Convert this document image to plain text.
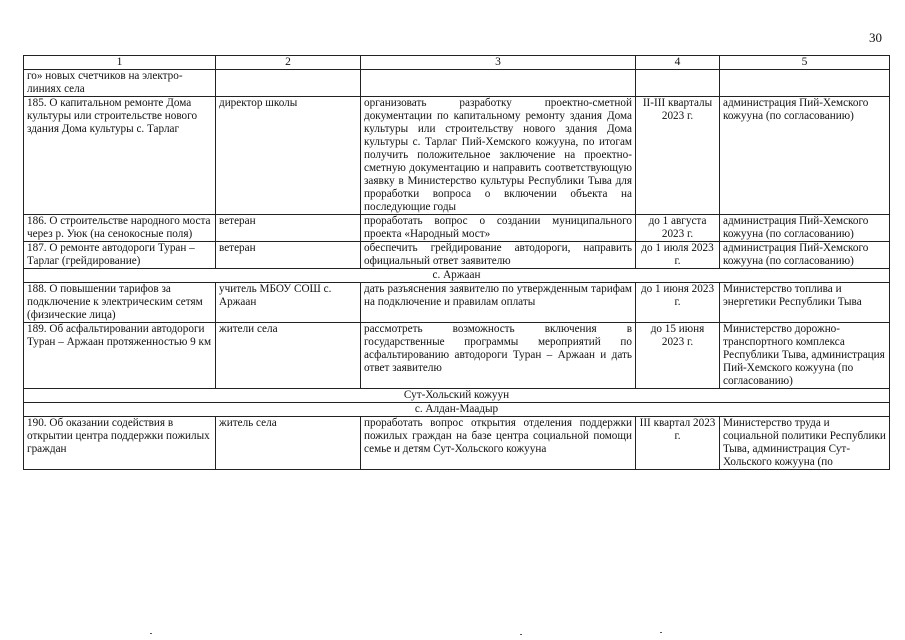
30
1	2	3	4	5
го» новых счетчиков на электро-линиях села				
185. О капитальном ремонте Дома культуры или строительстве нового здания Дома культуры с. Тарлаг	директор школы	организовать разработку проектно-сметной документации по капитальному ремонту здания Дома культуры или строительству нового здания Дома культуры с. Тарлаг Пий-Хемского кожууна, по итогам получить положительное заключение на проектно-сметную документацию и направить соответствующую заявку в Министерство культуры Республики Тыва для проработки вопроса о включении объекта на последующие годы	II-III кварталы 2023 г.	администрация Пий-Хемского кожууна (по согласованию)
186. О строительстве народного моста через р. Уюк (на сенокосные поля)	ветеран	проработать вопрос о создании муниципального проекта «Народный мост»	до 1 августа 2023 г.	администрация Пий-Хемского кожууна (по согласованию)
187. О ремонте автодороги Туран – Тарлаг (грейдирование)	ветеран	обеспечить грейдирование автодороги, направить официальный ответ заявителю	до 1 июля 2023 г.	администрация Пий-Хемского кожууна (по согласованию)
с. Аржаан				
188. О повышении тарифов за подключение к электрическим сетям (физические лица)	учитель МБОУ СОШ с. Аржаан	дать разъяснения заявителю по утвержденным тарифам на подключение и правилам оплаты	до 1 июня 2023 г.	Министерство топлива и энергетики Республики Тыва
189. Об асфальтировании автодороги Туран – Аржаан протяженностью 9 км	жители села	рассмотреть возможность включения в государственные программы мероприятий по асфальтированию автодороги Туран – Аржаан и дать ответ заявителю	до 15 июня 2023 г.	Министерство дорожно-транспортного комплекса Республики Тыва, администрация Пий-Хемского кожууна (по согласованию)
Сут-Хольский кожуун				
с. Алдан-Маадыр				
190. Об оказании содействия в открытии центра поддержки пожилых граждан	житель села	проработать вопрос открытия отделения поддержки пожилых граждан на базе центра социальной помощи семье и детям Сут-Хольского кожууна	III квартал 2023 г.	Министерство труда и социальной политики Республики Тыва, администрация Сут-Хольского кожууна (по
